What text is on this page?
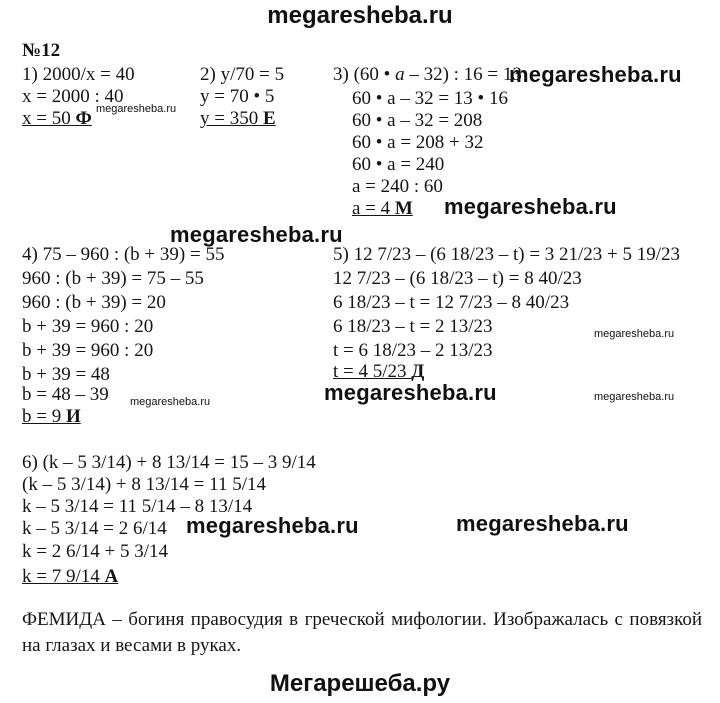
megaresheba.ru
№12
1) 2000/x = 40
x = 2000 : 40
x = 50 Ф
2) y/70 = 5
y = 70 • 5
y = 350 Е
3) (60 • a – 32) : 16 = 13
60 • a – 32 = 13 • 16
60 • a – 32 = 208
60 • a = 208 + 32
60 • a = 240
a = 240 : 60
a = 4 М
4) 75 – 960 : (b + 39) = 55
960 : (b + 39) = 75 – 55
960 : (b + 39) = 20
b + 39 = 960 : 20
b + 39 = 960 : 20
b + 39 = 48
b = 48 – 39
b = 9 И
5) 12 7/23 – (6 18/23 – t) = 3 21/23 + 5 19/23
12 7/23 – (6 18/23 – t) = 8 40/23
6 18/23 – t = 12 7/23 – 8 40/23
6 18/23 – t = 2 13/23
t = 6 18/23 – 2 13/23
t = 4 5/23 Д
6) (k – 5 3/14) + 8 13/14 = 15 – 3 9/14
(k – 5 3/14) + 8 13/14 = 11 5/14
k – 5 3/14 = 11 5/14 – 8 13/14
k – 5 3/14 = 2 6/14
k = 2 6/14 + 5 3/14
k = 7 9/14 А
ФЕМИДА – богиня правосудия в греческой мифологии. Изображалась с повязкой на глазах и весами в руках.
megaresheba.ru
megaresheba.ru
megaresheba.ru
megaresheba.ru
megaresheba.ru
megaresheba.ru
megaresheba.ru	megaresheba.ru
megaresheba.ru	megaresheba.ru
Мегарешеба.ру
